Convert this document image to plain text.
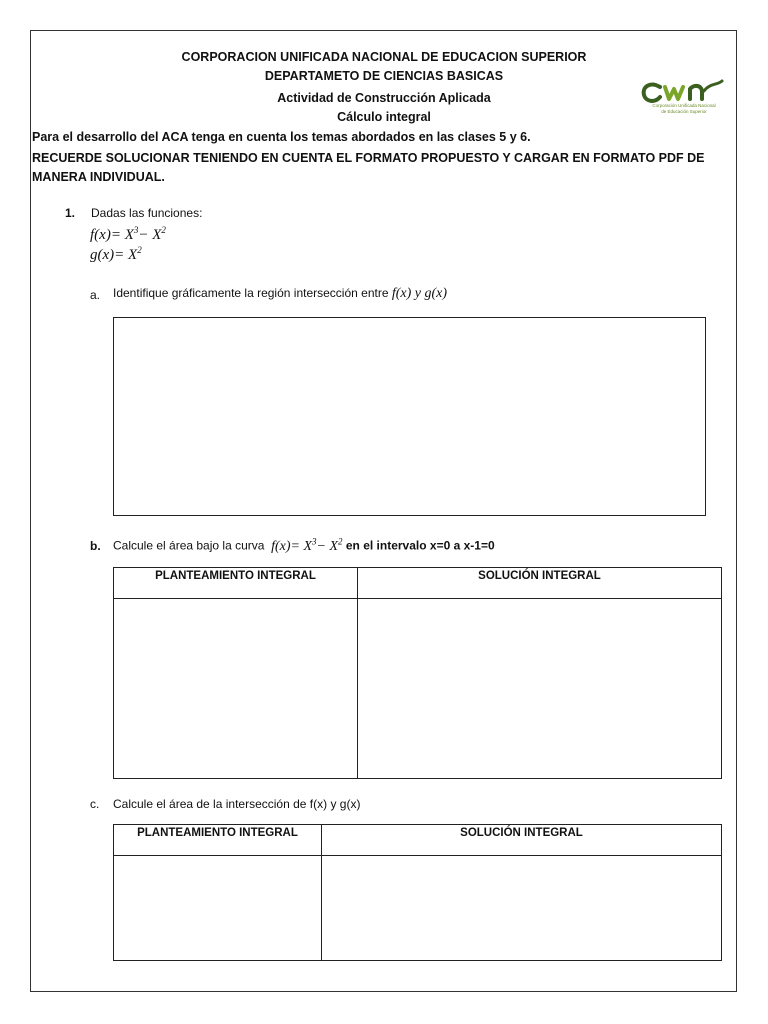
CORPORACION UNIFICADA NACIONAL DE EDUCACION SUPERIOR
DEPARTAMETO DE CIENCIAS BASICAS
Actividad de Construcción Aplicada
Cálculo integral
Corporación Unificada Nacional
de Educación Superior
Para el desarrollo del ACA tenga en cuenta los temas abordados en las clases 5 y 6.
RECUERDE SOLUCIONAR TENIENDO EN CUENTA EL FORMATO PROPUESTO Y CARGAR EN FORMATO PDF DE MANERA INDIVIDUAL.
1. Dadas las funciones:
$f(x)= X^3- X^2$
$g(x)= X^2$
a. Identifique gráficamente la región intersección entre f(x) y g(x)
b. Calcule el área bajo la curva $f(x)= X^3- X^2$ en el intervalo x=0 a x-1=0
PLANTEAMIENTO INTEGRAL	SOLUCIÓN INTEGRAL

c. Calcule el área de la intersección de f(x) y g(x)
PLANTEAMIENTO INTEGRAL	SOLUCIÓN INTEGRAL
